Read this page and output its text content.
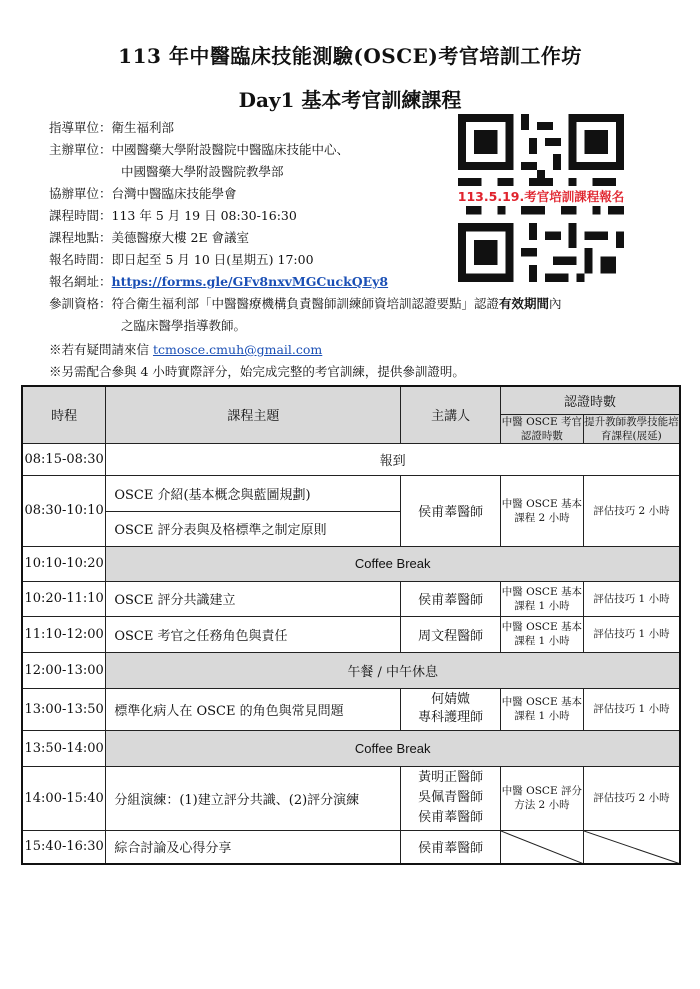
113 年中醫臨床技能測驗(OSCE)考官培訓工作坊
Day1 基本考官訓練課程
指導單位：衛生福利部
主辦單位：中國醫藥大學附設醫院中醫臨床技能中心、
中國醫藥大學附設醫院教學部
協辦單位：台灣中醫臨床技能學會
課程時間：113 年 5 月 19 日 08:30-16:30
課程地點：美德醫療大樓 2E 會議室
報名時間：即日起至 5 月 10 日(星期五) 17:00
報名網址：https://forms.gle/GFv8nxvMGCuckQEy8
參訓資格：符合衛生福利部「中醫醫療機構負責醫師訓練師資培訓認證要點」認證有效期間內
之臨床醫學指導教師。
※若有疑問請來信 tcmosce.cmuh@gmail.com
※另需配合參與 4 小時實際評分，始完成完整的考官訓練，提供參訓證明。
113.5.19.考官培訓課程報名
時程	課程主題	主講人	認證時數	
			中醫 OSCE 考官認證時數	提升教師教學技能培育課程(展延)
08:15-08:30	報到			
08:30-10:10	OSCE 介紹(基本概念與藍圖規劃)	侯甫菶醫師	中醫 OSCE 基本課程 2 小時	評估技巧 2 小時
	OSCE 評分表與及格標準之制定原則			
10:10-10:20	Coffee Break			
10:20-11:10	OSCE 評分共識建立	侯甫菶醫師	中醫 OSCE 基本課程 1 小時	評估技巧 1 小時
11:10-12:00	OSCE 考官之任務角色與責任	周文程醫師	中醫 OSCE 基本課程 1 小時	評估技巧 1 小時
12:00-13:00	午餐 / 中午休息			
13:00-13:50	標準化病人在 OSCE 的角色與常見問題	何婧媺
專科護理師	中醫 OSCE 基本課程 1 小時	評估技巧 1 小時
13:50-14:00	Coffee Break			
14:00-15:40	分組演練：(1)建立評分共識、(2)評分演練	黃明正醫師
吳佩青醫師
侯甫菶醫師	中醫 OSCE 評分方法 2 小時	評估技巧 2 小時
15:40-16:30	綜合討論及心得分享	侯甫菶醫師	
